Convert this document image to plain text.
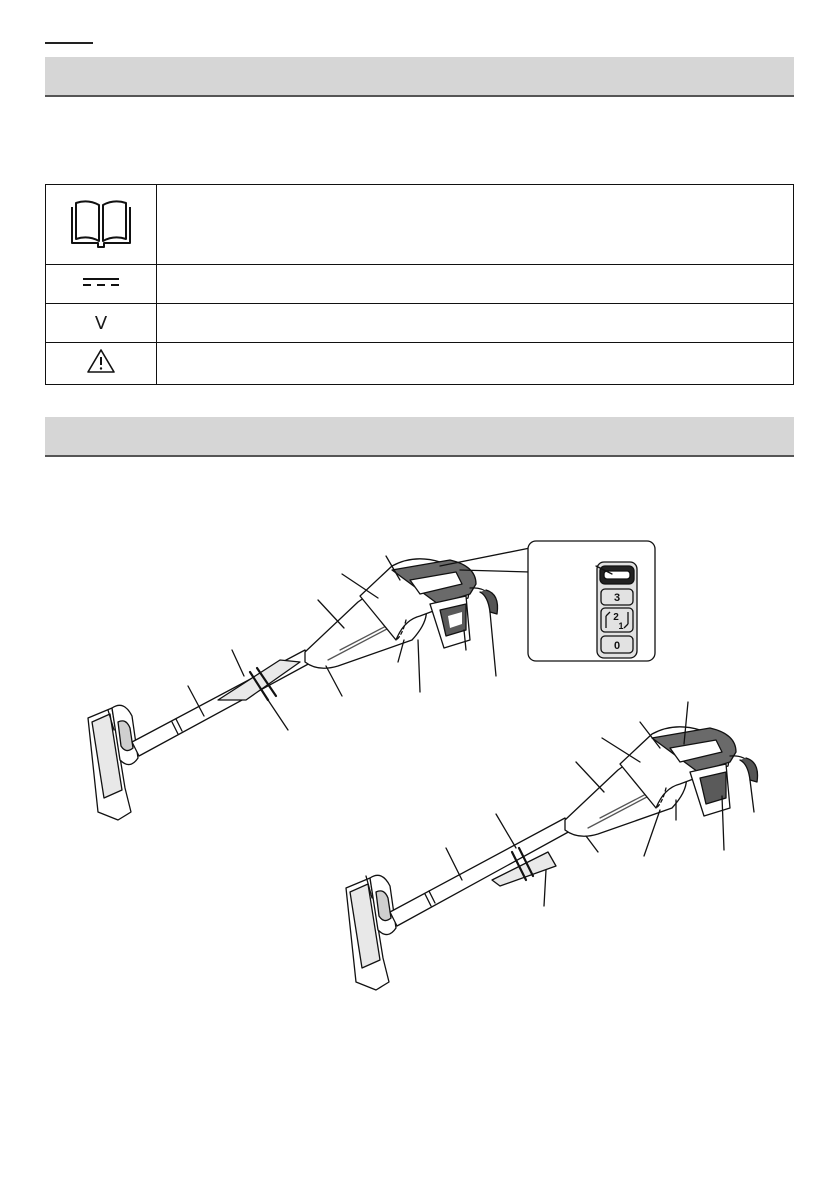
V	

3
2
1
0
